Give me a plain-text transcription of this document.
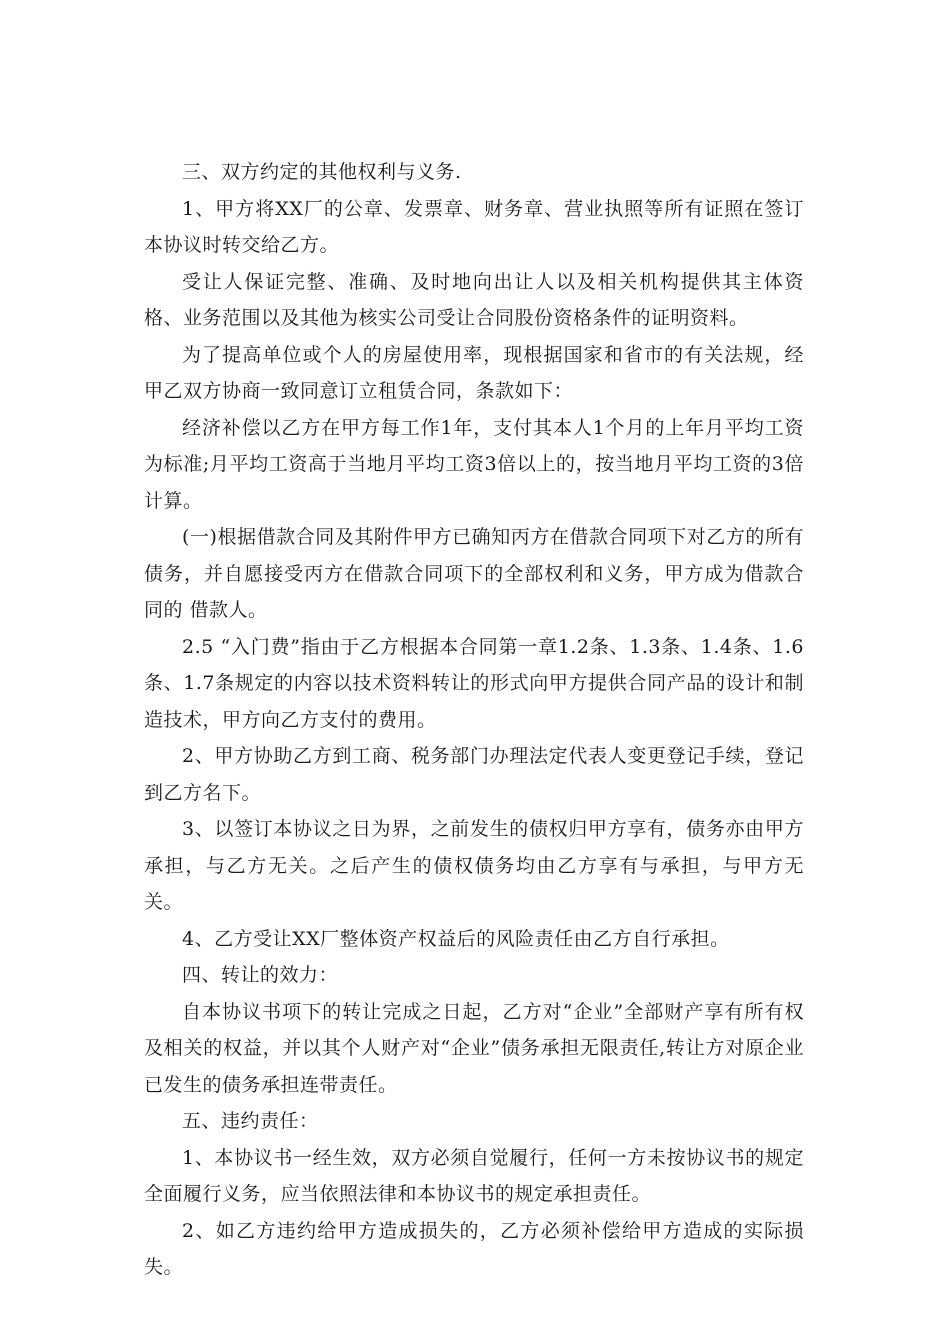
三、双方约定的其他权利与义务.

1、甲方将XX厂的公章、发票章、财务章、营业执照等所有证照在签订本协议时转交给乙方。

受让人保证完整、准确、及时地向出让人以及相关机构提供其主体资格、业务范围以及其他为核实公司受让合同股份资格条件的证明资料。

为了提高单位或个人的房屋使用率，现根据国家和省市的有关法规，经甲乙双方协商一致同意订立租赁合同，条款如下：

经济补偿以乙方在甲方每工作1年，支付其本人1个月的上年月平均工资为标准;月平均工资高于当地月平均工资3倍以上的，按当地月平均工资的3倍计算。

(一)根据借款合同及其附件甲方已确知丙方在借款合同项下对乙方的所有债务，并自愿接受丙方在借款合同项下的全部权利和义务，甲方成为借款合同的 借款人。

2.5 “入门费”指由于乙方根据本合同第一章1.2条、1.3条、1.4条、1.6条、1.7条规定的内容以技术资料转让的形式向甲方提供合同产品的设计和制造技术，甲方向乙方支付的费用。

2、甲方协助乙方到工商、税务部门办理法定代表人变更登记手续，登记到乙方名下。

3、以签订本协议之日为界，之前发生的债权归甲方享有，债务亦由甲方承担，与乙方无关。之后产生的债权债务均由乙方享有与承担，与甲方无关。

4、乙方受让XX厂整体资产权益后的风险责任由乙方自行承担。

四、转让的效力：

自本协议书项下的转让完成之日起，乙方对“企业”全部财产享有所有权及相关的权益，并以其个人财产对“企业”债务承担无限责任,转让方对原企业已发生的债务承担连带责任。

五、违约责任：

1、本协议书一经生效，双方必须自觉履行，任何一方未按协议书的规定全面履行义务，应当依照法律和本协议书的规定承担责任。

2、如乙方违约给甲方造成损失的，乙方必须补偿给甲方造成的实际损失。
